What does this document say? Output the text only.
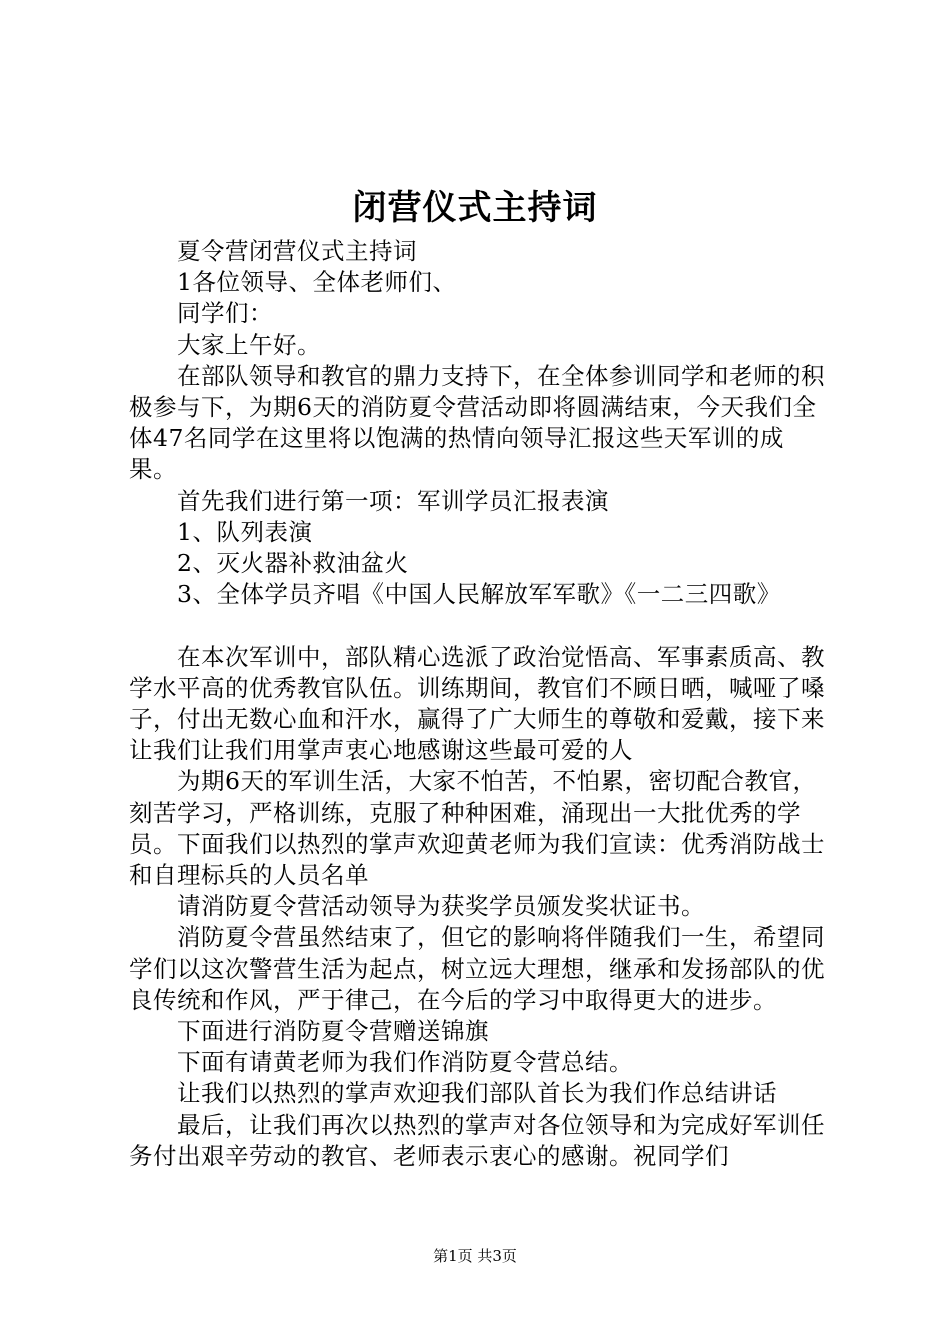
闭营仪式主持词

夏令营闭营仪式主持词

1各位领导、全体老师们、

同学们：

大家上午好。

在部队领导和教官的鼎力支持下，在全体参训同学和老师的积极参与下，为期6天的消防夏令营活动即将圆满结束，今天我们全体47名同学在这里将以饱满的热情向领导汇报这些天军训的成果。

首先我们进行第一项：军训学员汇报表演

1、队列表演

2、灭火器补救油盆火

3、全体学员齐唱《中国人民解放军军歌》《一二三四歌》

在本次军训中，部队精心选派了政治觉悟高、军事素质高、教学水平高的优秀教官队伍。训练期间，教官们不顾日晒，喊哑了嗓子，付出无数心血和汗水，赢得了广大师生的尊敬和爱戴，接下来让我们让我们用掌声衷心地感谢这些最可爱的人

为期6天的军训生活，大家不怕苦，不怕累，密切配合教官，刻苦学习，严格训练，克服了种种困难，涌现出一大批优秀的学员。下面我们以热烈的掌声欢迎黄老师为我们宣读：优秀消防战士和自理标兵的人员名单

请消防夏令营活动领导为获奖学员颁发奖状证书。

消防夏令营虽然结束了，但它的影响将伴随我们一生，希望同学们以这次警营生活为起点，树立远大理想，继承和发扬部队的优良传统和作风，严于律己，在今后的学习中取得更大的进步。

下面进行消防夏令营赠送锦旗

下面有请黄老师为我们作消防夏令营总结。

让我们以热烈的掌声欢迎我们部队首长为我们作总结讲话

最后，让我们再次以热烈的掌声对各位领导和为完成好军训任务付出艰辛劳动的教官、老师表示衷心的感谢。祝同学们

第1页 共3页
